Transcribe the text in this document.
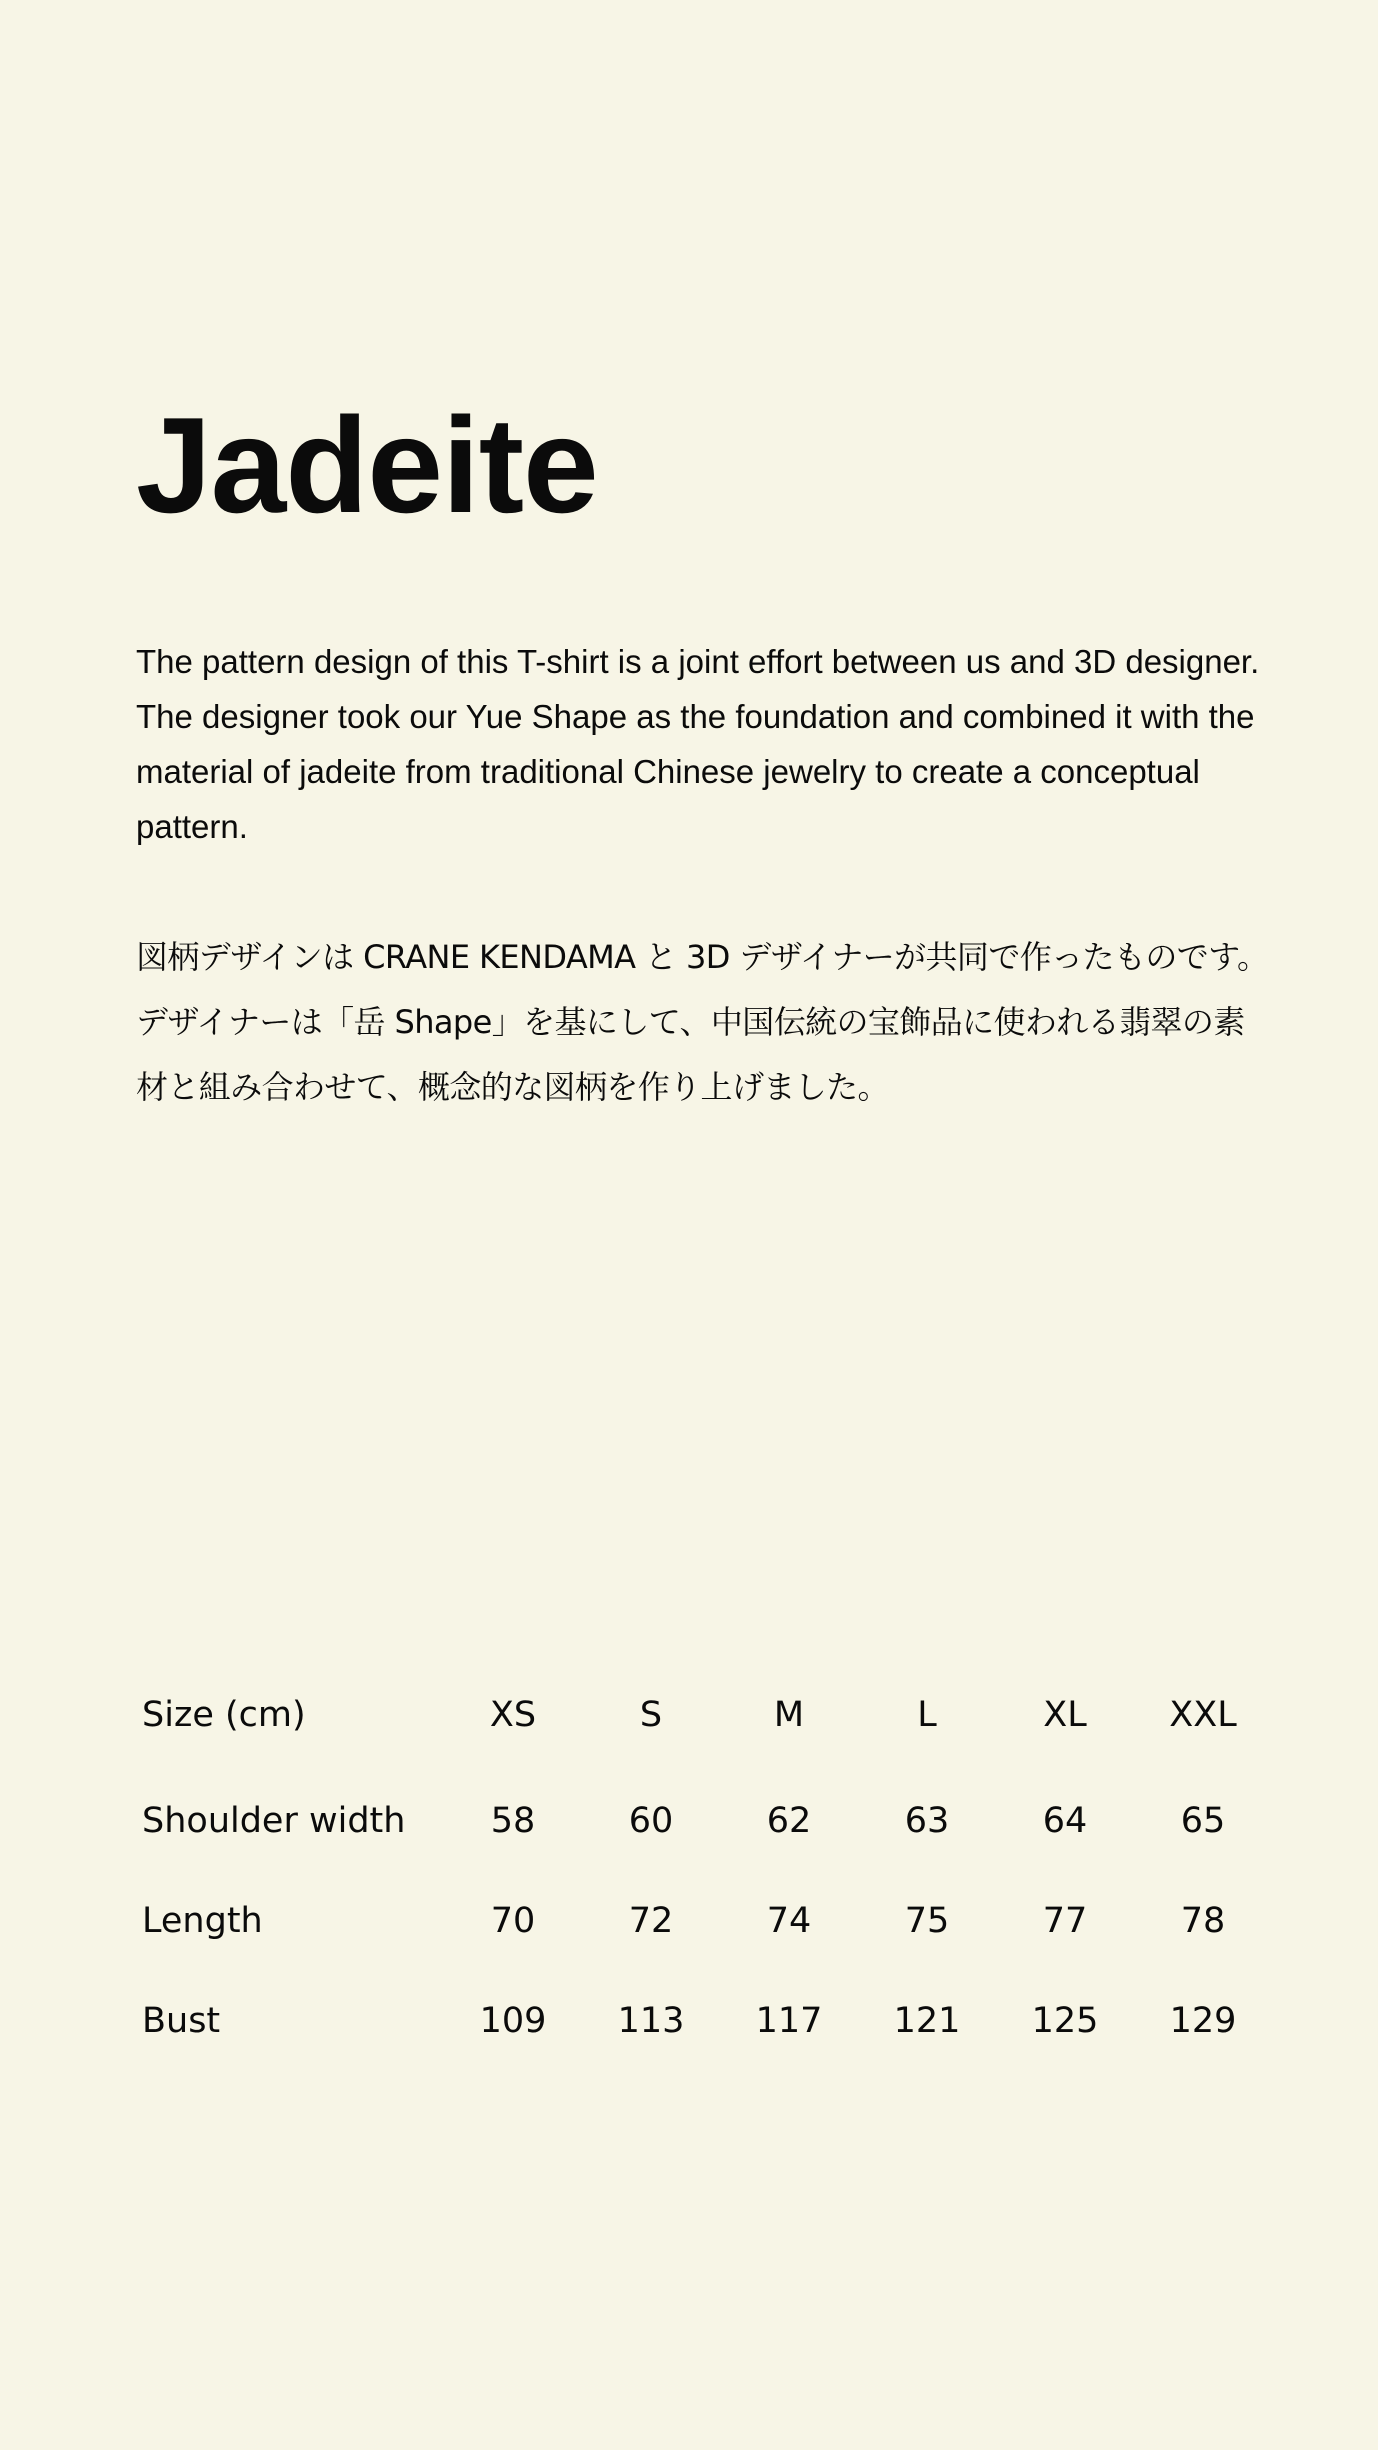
Jadeite

The pattern design of this T-shirt is a joint effort between us and 3D designer. The designer took our Yue Shape as the foundation and combined it with the material of jadeite from traditional Chinese jewelry to create a conceptual pattern.

図柄デザインは CRANE KENDAMA と 3D デザイナーが共同で作ったものです。デザイナーは「岳 Shape」を基にして、中国伝統の宝飾品に使われる翡翠の素材と組み合わせて、概念的な図柄を作り上げました。

Size (cm)	XS	S	M	L	XL	XXL
Shoulder width	58	60	62	63	64	65
Length	70	72	74	75	77	78
Bust	109	113	117	121	125	129
